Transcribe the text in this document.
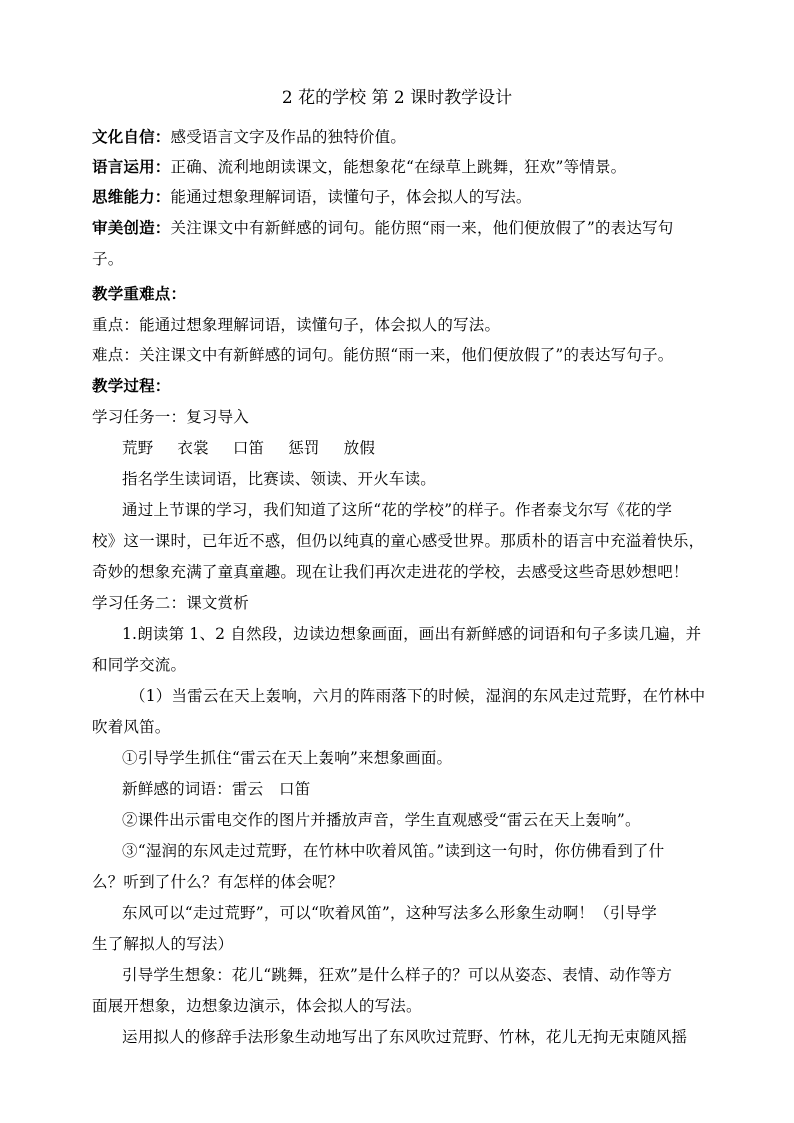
2 花的学校 第 2 课时教学设计
文化自信：感受语言文字及作品的独特价值。
语言运用：正确、流利地朗读课文，能想象花“在绿草上跳舞，狂欢”等情景。
思维能力：能通过想象理解词语，读懂句子，体会拟人的写法。
审美创造：关注课文中有新鲜感的词句。能仿照“雨一来，他们便放假了”的表达写句
子。
教学重难点：
重点：能通过想象理解词语，读懂句子，体会拟人的写法。
难点：关注课文中有新鲜感的词句。能仿照“雨一来，他们便放假了”的表达写句子。
教学过程：
学习任务一：复习导入
荒野 衣裳 口笛 惩罚 放假
指名学生读词语，比赛读、领读、开火车读。
通过上节课的学习，我们知道了这所“花的学校”的样子。作者泰戈尔写《花的学
校》这一课时，已年近不惑，但仍以纯真的童心感受世界。那质朴的语言中充溢着快乐，
奇妙的想象充满了童真童趣。现在让我们再次走进花的学校，去感受这些奇思妙想吧！
学习任务二：课文赏析
1.朗读第 1、2 自然段，边读边想象画面，画出有新鲜感的词语和句子多读几遍，并
和同学交流。
（1）当雷云在天上轰响，六月的阵雨落下的时候，湿润的东风走过荒野，在竹林中
吹着风笛。
①引导学生抓住“雷云在天上轰响”来想象画面。
新鲜感的词语：雷云　口笛
②课件出示雷电交作的图片并播放声音，学生直观感受“雷云在天上轰响”。
③“湿润的东风走过荒野，在竹林中吹着风笛。”读到这一句时，你仿佛看到了什
么？听到了什么？有怎样的体会呢？
东风可以“走过荒野”，可以“吹着风笛”，这种写法多么形象生动啊！（引导学
生了解拟人的写法）
引导学生想象：花儿“跳舞，狂欢”是什么样子的？可以从姿态、表情、动作等方
面展开想象，边想象边演示，体会拟人的写法。
运用拟人的修辞手法形象生动地写出了东风吹过荒野、竹林，花儿无拘无束随风摇
